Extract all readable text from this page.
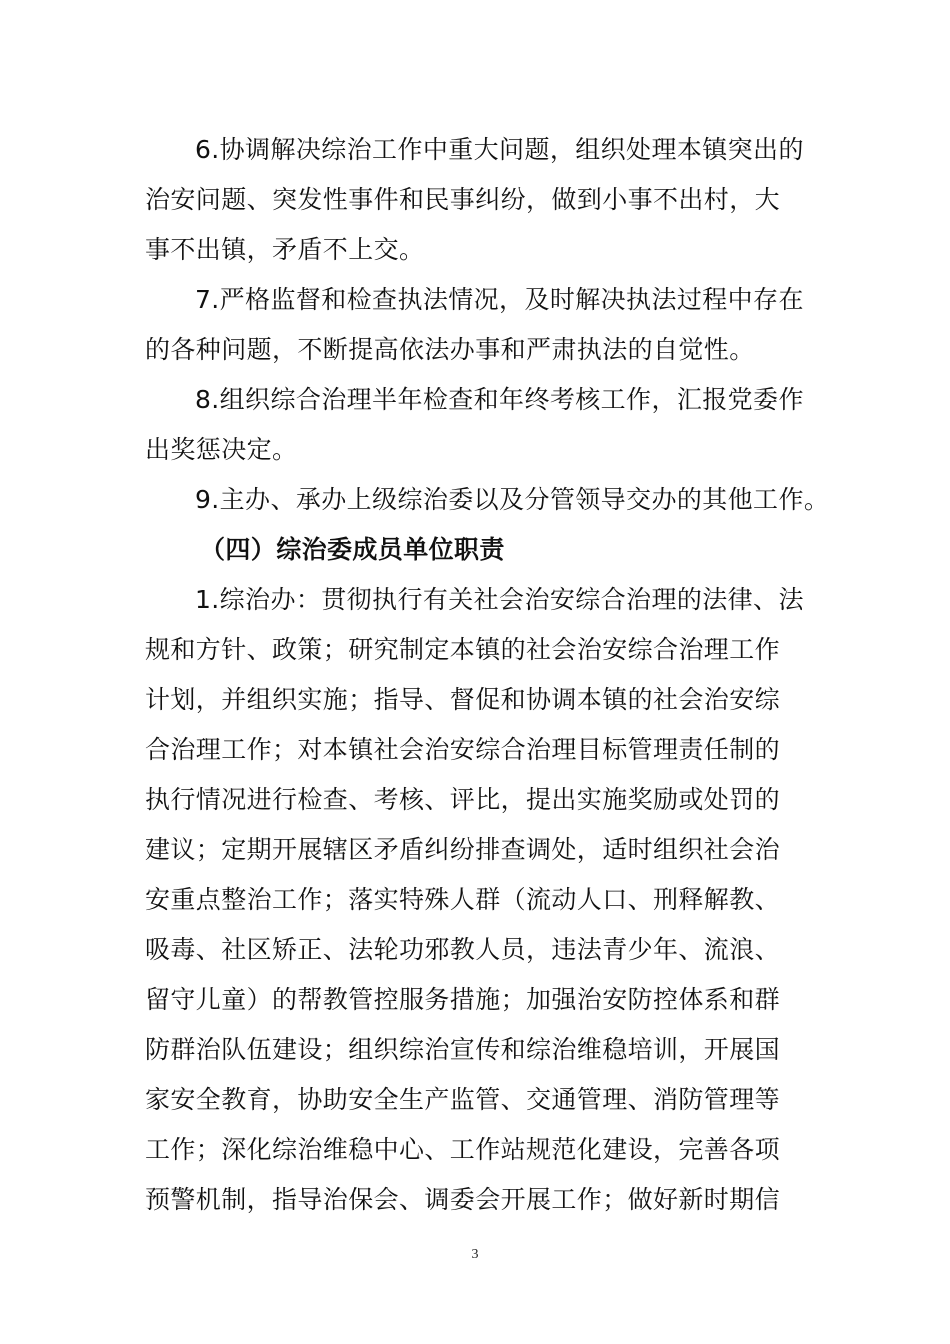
6.协调解决综治工作中重大问题，组织处理本镇突出的
治安问题、突发性事件和民事纠纷，做到小事不出村，大
事不出镇，矛盾不上交。
7.严格监督和检查执法情况，及时解决执法过程中存在
的各种问题，不断提高依法办事和严肃执法的自觉性。
8.组织综合治理半年检查和年终考核工作，汇报党委作
出奖惩决定。
9.主办、承办上级综治委以及分管领导交办的其他工作。
（四）综治委成员单位职责
1.综治办：贯彻执行有关社会治安综合治理的法律、法
规和方针、政策；研究制定本镇的社会治安综合治理工作
计划，并组织实施；指导、督促和协调本镇的社会治安综
合治理工作；对本镇社会治安综合治理目标管理责任制的
执行情况进行检查、考核、评比，提出实施奖励或处罚的
建议；定期开展辖区矛盾纠纷排查调处，适时组织社会治
安重点整治工作；落实特殊人群（流动人口、刑释解教、
吸毒、社区矫正、法轮功邪教人员，违法青少年、流浪、
留守儿童）的帮教管控服务措施；加强治安防控体系和群
防群治队伍建设；组织综治宣传和综治维稳培训，开展国
家安全教育，协助安全生产监管、交通管理、消防管理等
工作；深化综治维稳中心、工作站规范化建设，完善各项
预警机制，指导治保会、调委会开展工作；做好新时期信
3
